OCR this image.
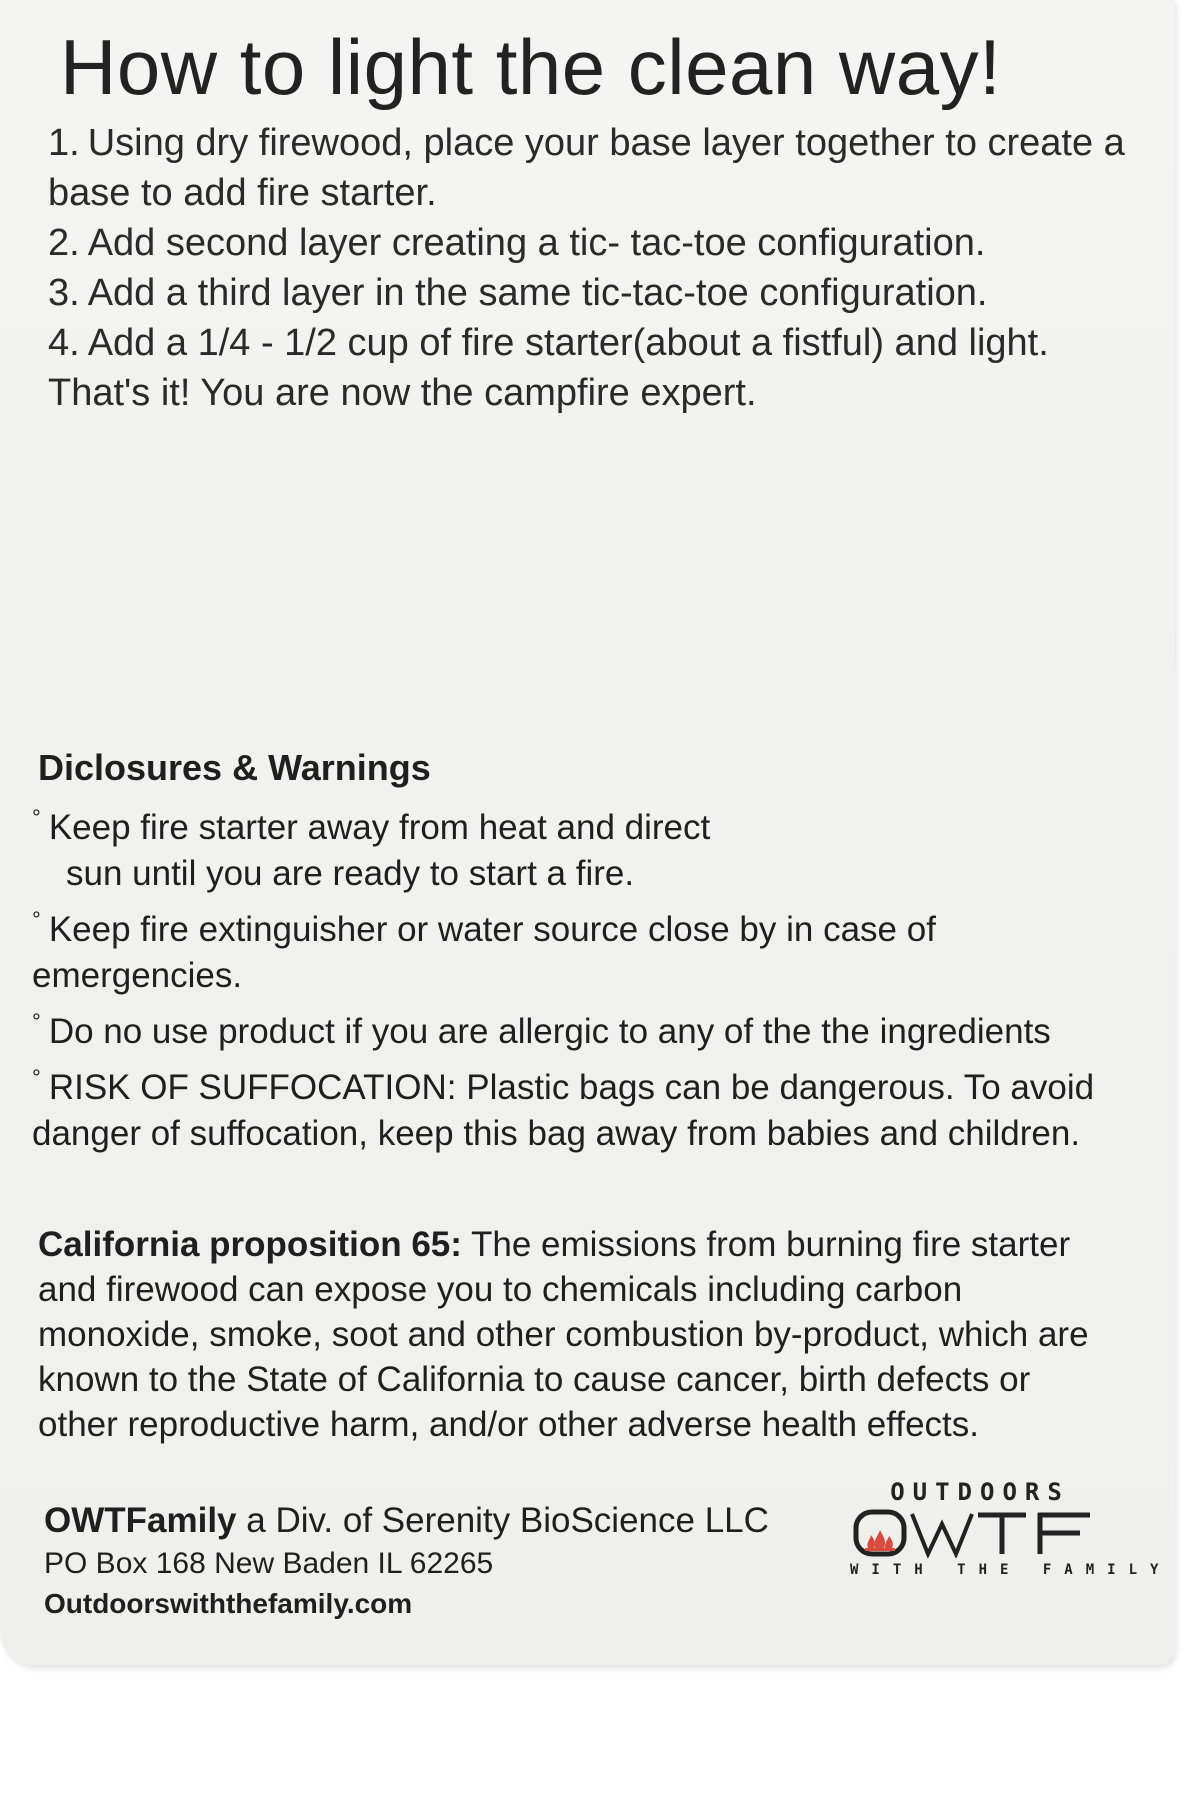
How to light the clean way!

1. Using dry firewood, place your base layer together to create a base to add fire starter.

2. Add second layer creating a tic- tac-toe configuration.

3. Add a third layer in the same tic-tac-toe configuration.

4. Add a 1/4 - 1/2 cup of fire starter(about a fistful) and light. That's it! You are now the campfire expert.

Diclosures & Warnings

° Keep fire starter away from heat and direct
sun until you are ready to start a fire.

° Keep fire extinguisher or water source close by in case of emergencies.

° Do no use product if you are allergic to any of the the ingredients

° RISK OF SUFFOCATION: Plastic bags can be dangerous. To avoid danger of suffocation, keep this bag away from babies and children.

California proposition 65: The emissions from burning fire starter and firewood can expose you to chemicals including carbon monoxide, smoke, soot and other combustion by-product, which are known to the State of California to cause cancer, birth defects or other reproductive harm, and/or other adverse health effects.

OWTFamily a Div. of Serenity BioScience LLC
PO Box 168 New Baden IL 62265
Outdoorswiththefamily.com
OUTDOORS
WITH THE FAMILY
